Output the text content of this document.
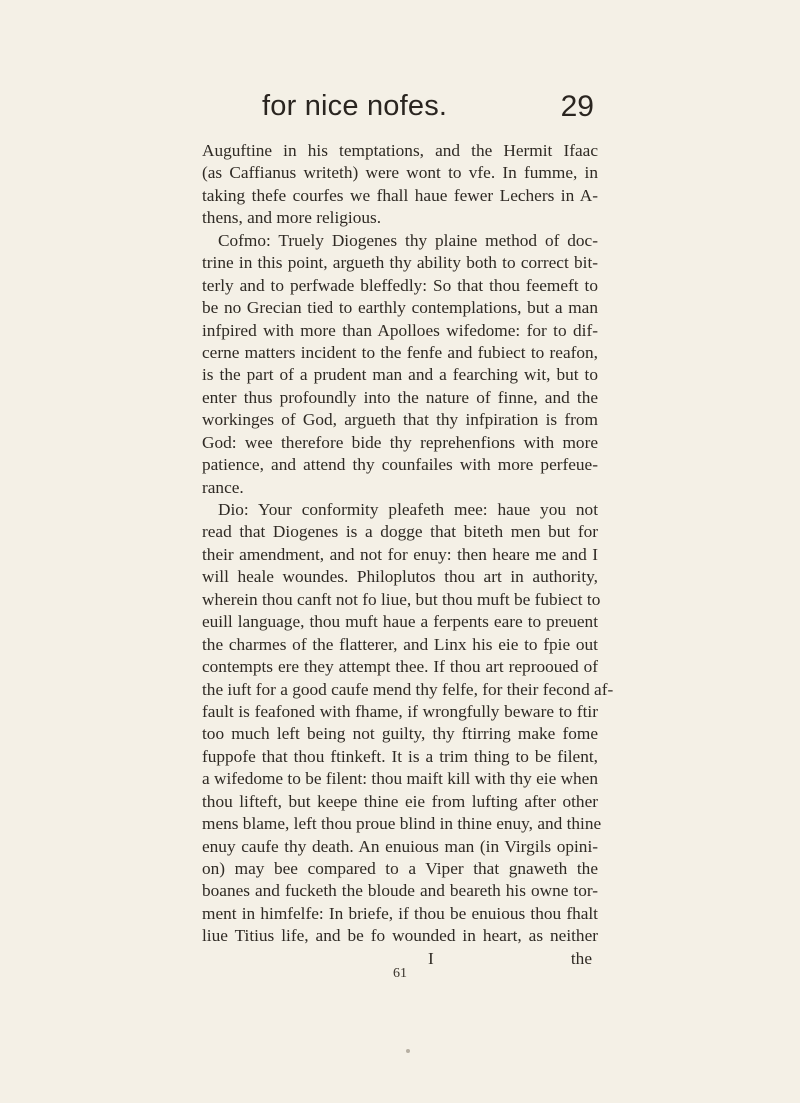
for nice nofes.	29
Auguftine in his temptations, and the Hermit Ifaac
(as Caffianus writeth) were wont to vfe. In fumme, in
taking thefe courfes we fhall haue fewer Lechers in A-
thens, and more religious.
Cofmo: Truely Diogenes thy plaine method of doc-
trine in this point, argueth thy ability both to correct bit-
terly and to perfwade bleffedly: So that thou feemeft to
be no Grecian tied to earthly contemplations, but a man
infpired with more than Apolloes wifedome: for to dif-
cerne matters incident to the fenfe and fubiect to reafon,
is the part of a prudent man and a fearching wit, but to
enter thus profoundly into the nature of finne, and the
workinges of God, argueth that thy infpiration is from
God: wee therefore bide thy reprehenfions with more
patience, and attend thy counfailes with more perfeue-
rance.
Dio: Your conformity pleafeth mee: haue you not
read that Diogenes is a dogge that biteth men but for
their amendment, and not for enuy: then heare me and I
will heale woundes. Philoplutos thou art in authority,
wherein thou canft not fo liue, but thou muft be fubiect to
euill language, thou muft haue a ferpents eare to preuent
the charmes of the flatterer, and Linx his eie to fpie out
contempts ere they attempt thee. If thou art reprooued of
the iuft for a good caufe mend thy felfe, for their fecond af-
fault is feafoned with fhame, if wrongfully beware to ftir
too much left being not guilty, thy ftirring make fome
fuppofe that thou ftinkeft. It is a trim thing to be filent,
a wifedome to be filent: thou maift kill with thy eie when
thou lifteft, but keepe thine eie from lufting after other
mens blame, left thou proue blind in thine enuy, and thine
enuy caufe thy death. An enuious man (in Virgils opini-
on) may bee compared to a Viper that gnaweth the
boanes and fucketh the bloude and beareth his owne tor-
ment in himfelfe: In briefe, if thou be enuious thou fhalt
liue Titius life, and be fo wounded in heart, as neither
I	the
61
